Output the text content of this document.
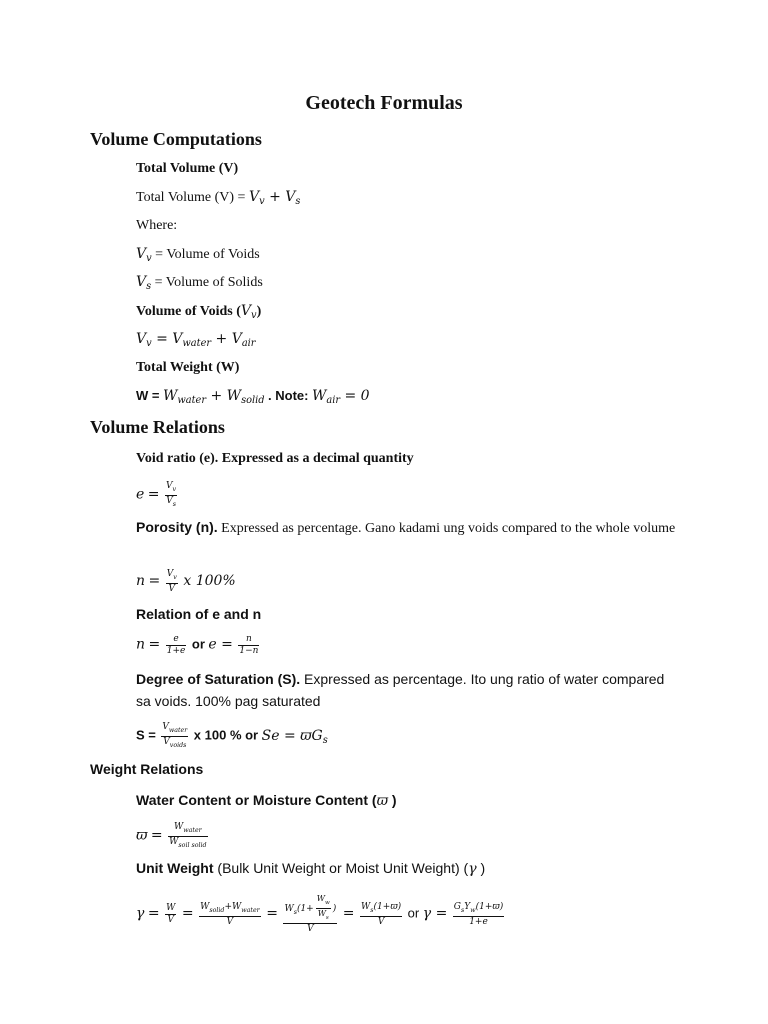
Geotech Formulas
Volume Computations
Total Volume (V)
Total Volume $(V) = V_v + V_s$
Where:
$V_v$ = Volume of Voids
$V_s$ = Volume of Solids
Volume of Voids $(V_v)$
$V_v = V_{water} + V_{air}$
Total Weight (W)
$W = W_{water} + W_{solid}$ . Note: $W_{air} = 0$
Volume Relations
Void ratio (e). Expressed as a decimal quantity
$e = \frac{V_v}{V_s}$
Porosity (n). Expressed as percentage. Gano kadami ung voids compared to the whole volume
$n = \frac{V_v}{V}$ x 100%
Relation of e and n
$n = \frac{e}{1+e}$ or $e = \frac{n}{1-n}$
Degree of Saturation (S). Expressed as percentage. Ito ung ratio of water compared sa voids. 100% pag saturated
$S = \frac{V_{water}}{V_{voids}}$ x 100 % or $Se = ϖG_s$
Weight Relations
Water Content or Moisture Content (ϖ )
$ϖ = \frac{W_{water}}{W_{soil solid}}$
Unit Weight (Bulk Unit Weight or Moist Unit Weight) (γ )
$\gamma = \frac{W}{V} = \frac{W_{solid}+W_{water}}{V} = \frac{W_s(1+ \frac{W_w}{W_s} )}{V} = \frac{W_s(1+ϖ)}{V}$ or $\gamma = \frac{G_sY_w(1+ϖ)}{1+e}$
